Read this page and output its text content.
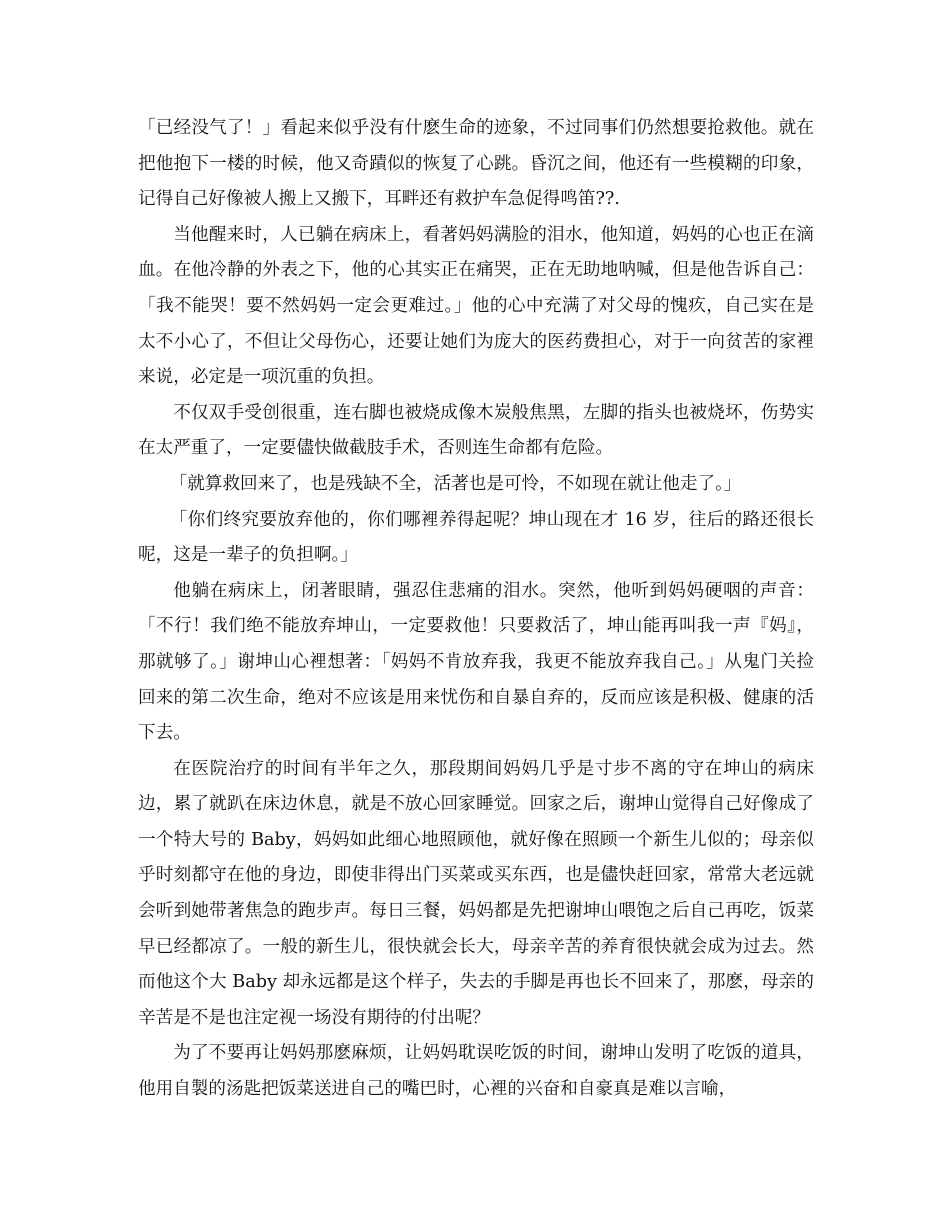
「已经没气了！」看起来似乎没有什麽生命的迹象，不过同事们仍然想要抢救他。就在把他抱下一楼的时候，他又奇蹟似的恢复了心跳。昏沉之间，他还有一些模糊的印象，记得自己好像被人搬上又搬下，耳畔还有救护车急促得鸣笛??.

当他醒来时，人已躺在病床上，看著妈妈满脸的泪水，他知道，妈妈的心也正在滴血。在他冷静的外表之下，他的心其实正在痛哭，正在无助地呐喊，但是他告诉自己：「我不能哭！要不然妈妈一定会更难过。」他的心中充满了对父母的愧疚，自己实在是太不小心了，不但让父母伤心，还要让她们为庞大的医药费担心，对于一向贫苦的家裡来说，必定是一项沉重的负担。

不仅双手受创很重，连右脚也被烧成像木炭般焦黑，左脚的指头也被烧坏，伤势实在太严重了，一定要儘快做截肢手术，否则连生命都有危险。

「就算救回来了，也是残缺不全，活著也是可怜，不如现在就让他走了。」

「你们终究要放弃他的，你们哪裡养得起呢？坤山现在才 16 岁，往后的路还很长呢，这是一辈子的负担啊。」

他躺在病床上，闭著眼睛，强忍住悲痛的泪水。突然，他听到妈妈硬咽的声音：「不行！我们绝不能放弃坤山，一定要救他！只要救活了，坤山能再叫我一声『妈』，那就够了。」谢坤山心裡想著：「妈妈不肯放弃我，我更不能放弃我自己。」从鬼门关捡回来的第二次生命，绝对不应该是用来忧伤和自暴自弃的，反而应该是积极、健康的活下去。

在医院治疗的时间有半年之久，那段期间妈妈几乎是寸步不离的守在坤山的病床边，累了就趴在床边休息，就是不放心回家睡觉。回家之后，谢坤山觉得自己好像成了一个特大号的 Baby，妈妈如此细心地照顾他，就好像在照顾一个新生儿似的；母亲似乎时刻都守在他的身边，即使非得出门买菜或买东西，也是儘快赶回家，常常大老远就会听到她带著焦急的跑步声。每日三餐，妈妈都是先把谢坤山喂饱之后自己再吃，饭菜早已经都凉了。一般的新生儿，很快就会长大，母亲辛苦的养育很快就会成为过去。然而他这个大 Baby 却永远都是这个样子，失去的手脚是再也长不回来了，那麽，母亲的辛苦是不是也注定视一场没有期待的付出呢？

为了不要再让妈妈那麽麻烦，让妈妈耽误吃饭的时间，谢坤山发明了吃饭的道具，他用自製的汤匙把饭菜送进自己的嘴巴时，心裡的兴奋和自豪真是难以言喻，
